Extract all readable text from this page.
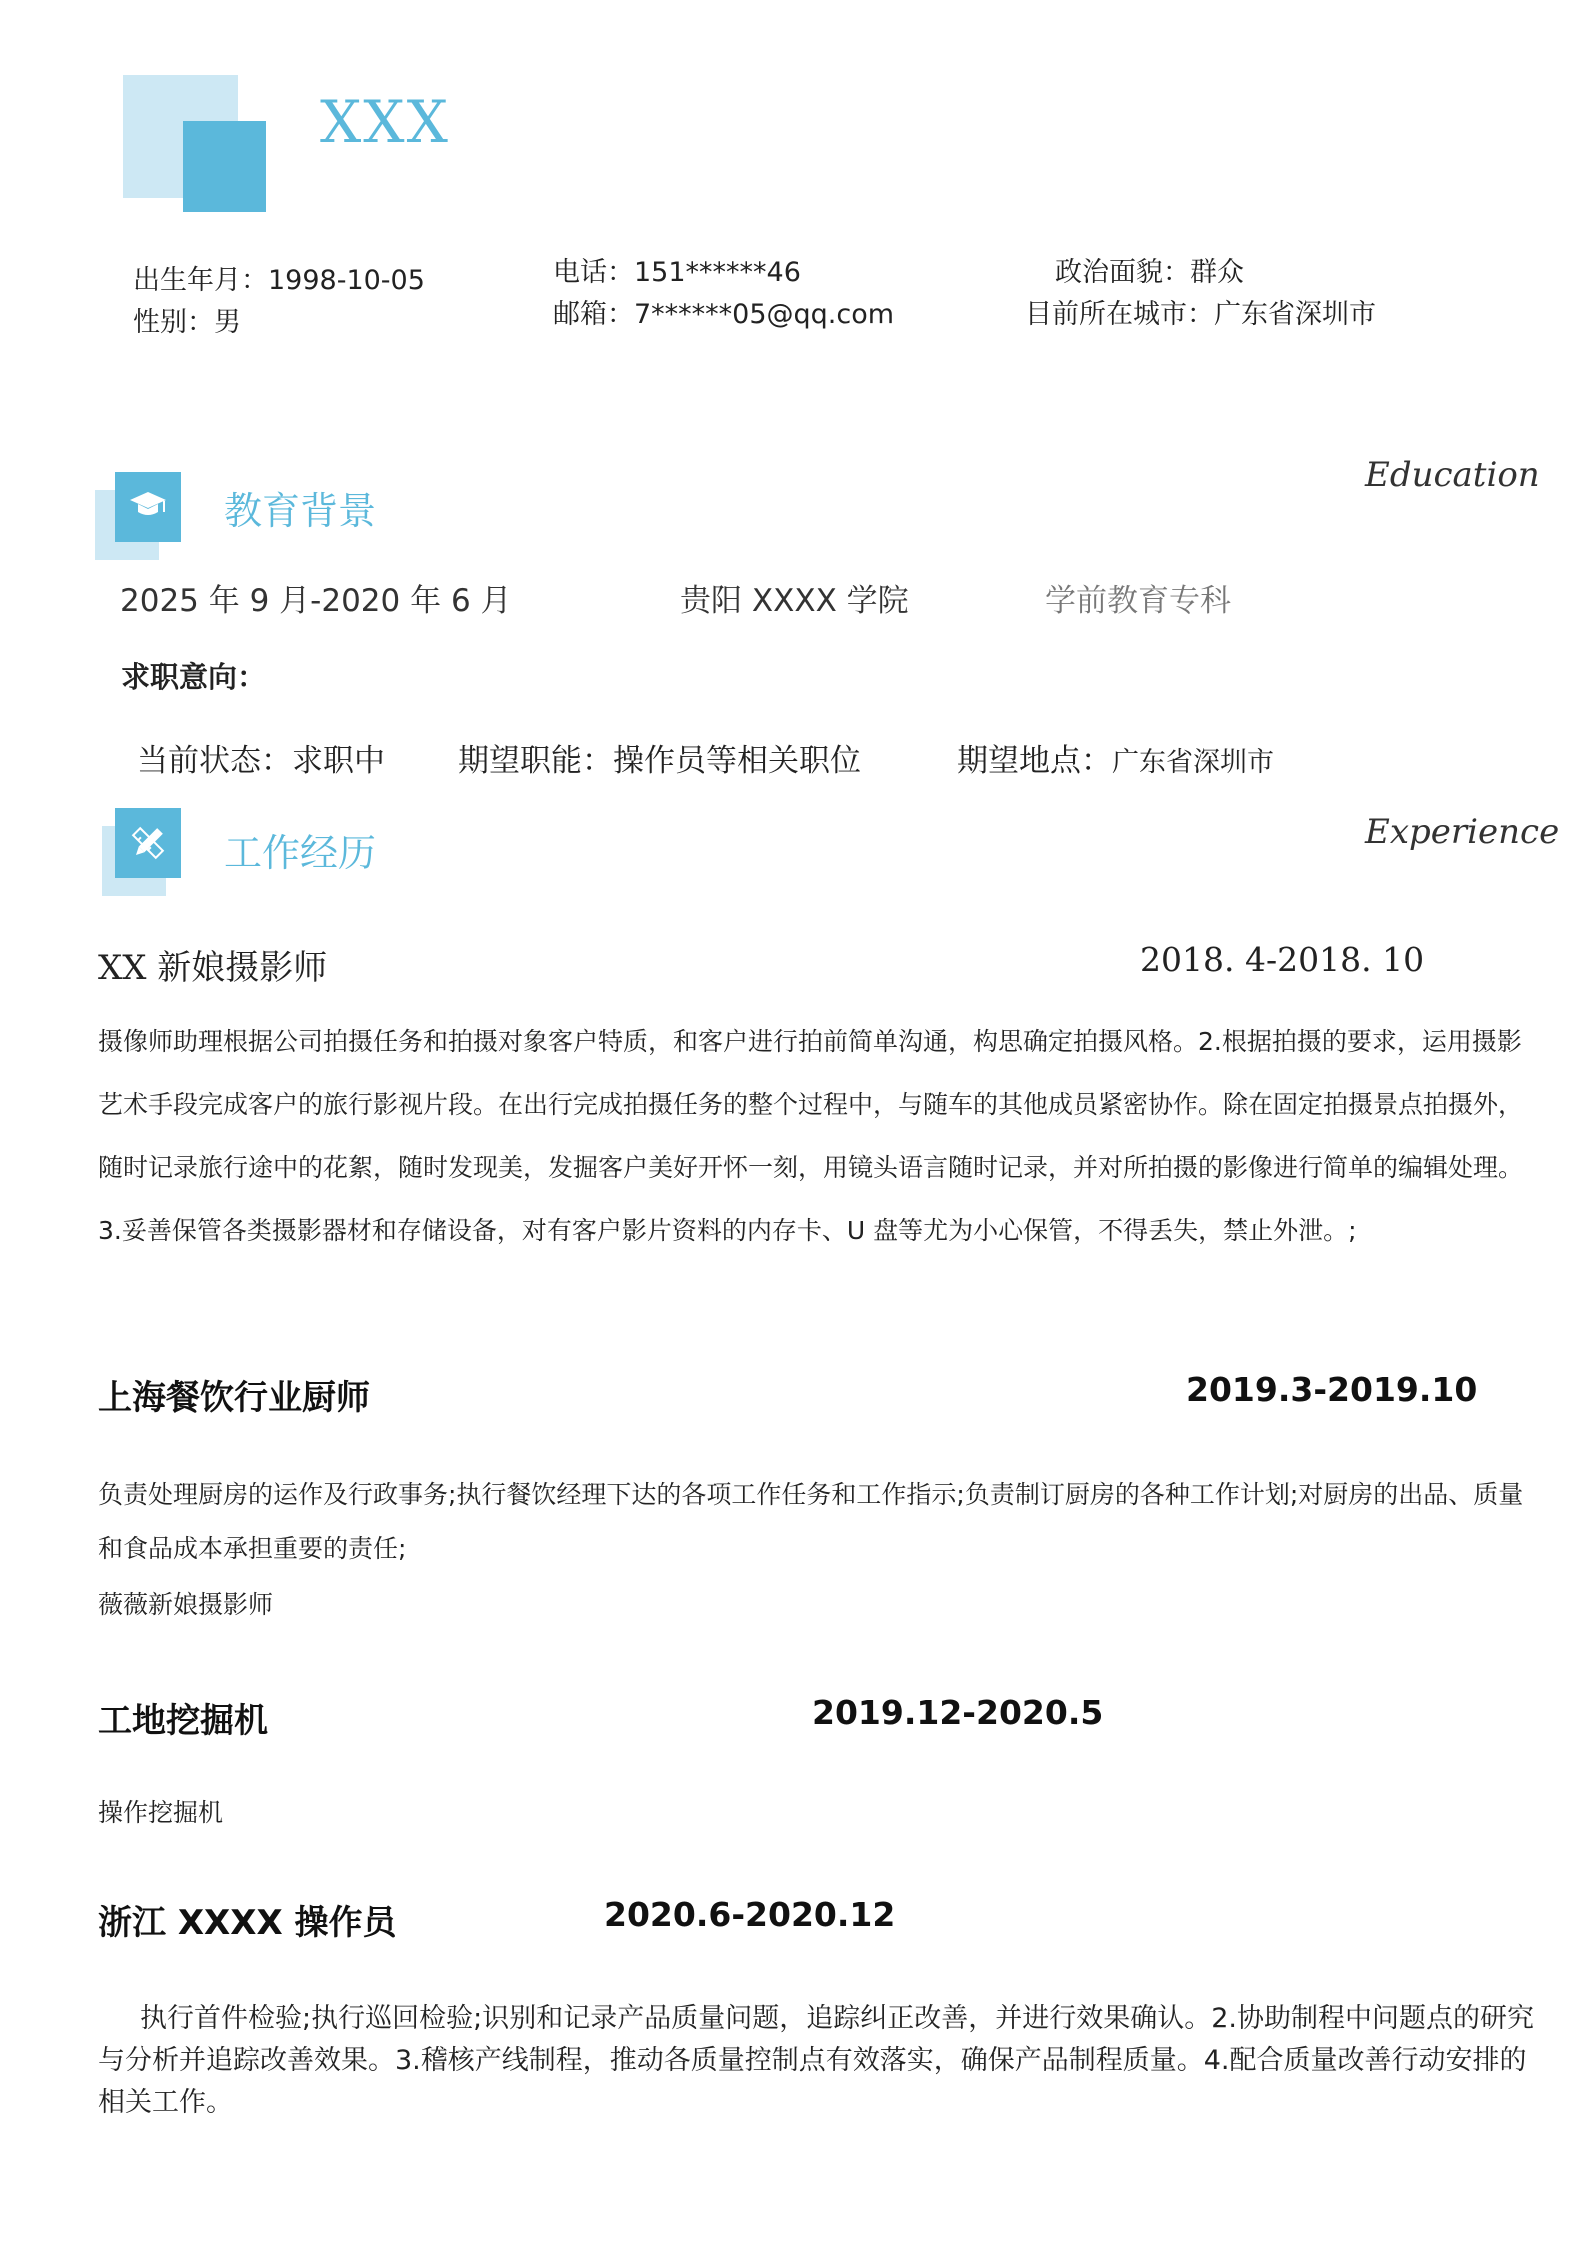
XXX
出生年月：1998-10-05
性别：男
电话：151******46
邮箱：7******05@qq.com
政治面貌：群众
目前所在城市：广东省深圳市
教育背景
Education
2025 年 9 月-2020 年 6 月	贵阳 XXXX 学院	学前教育专科
求职意向：
当前状态：求职中 期望职能：操作员等相关职位	期望地点：广东省深圳市
工作经历	Experience
XX 新娘摄影师	2018. 4-2018. 10
摄像师助理根据公司拍摄任务和拍摄对象客户特质，和客户进行拍前简单沟通，构思确定拍摄风格。2.根据拍摄的要求，运用摄影艺术手段完成客户的旅行影视片段。在出行完成拍摄任务的整个过程中，与随车的其他成员紧密协作。除在固定拍摄景点拍摄外，随时记录旅行途中的花絮，随时发现美，发掘客户美好开怀一刻，用镜头语言随时记录，并对所拍摄的影像进行简单的编辑处理。3.妥善保管各类摄影器材和存储设备，对有客户影片资料的内存卡、U 盘等尤为小心保管，不得丢失，禁止外泄。;
上海餐饮行业厨师	2019.3-2019.10
负责处理厨房的运作及行政事务;执行餐饮经理下达的各项工作任务和工作指示;负责制订厨房的各种工作计划;对厨房的出品、质量和食品成本承担重要的责任;
薇薇新娘摄影师
工地挖掘机	2019.12-2020.5
操作挖掘机
浙江 XXXX 操作员	2020.6-2020.12
执行首件检验;执行巡回检验;识别和记录产品质量问题，追踪纠正改善，并进行效果确认。2.协助制程中问题点的研究与分析并追踪改善效果。3.稽核产线制程，推动各质量控制点有效落实，确保产品制程质量。4.配合质量改善行动安排的相关工作。
